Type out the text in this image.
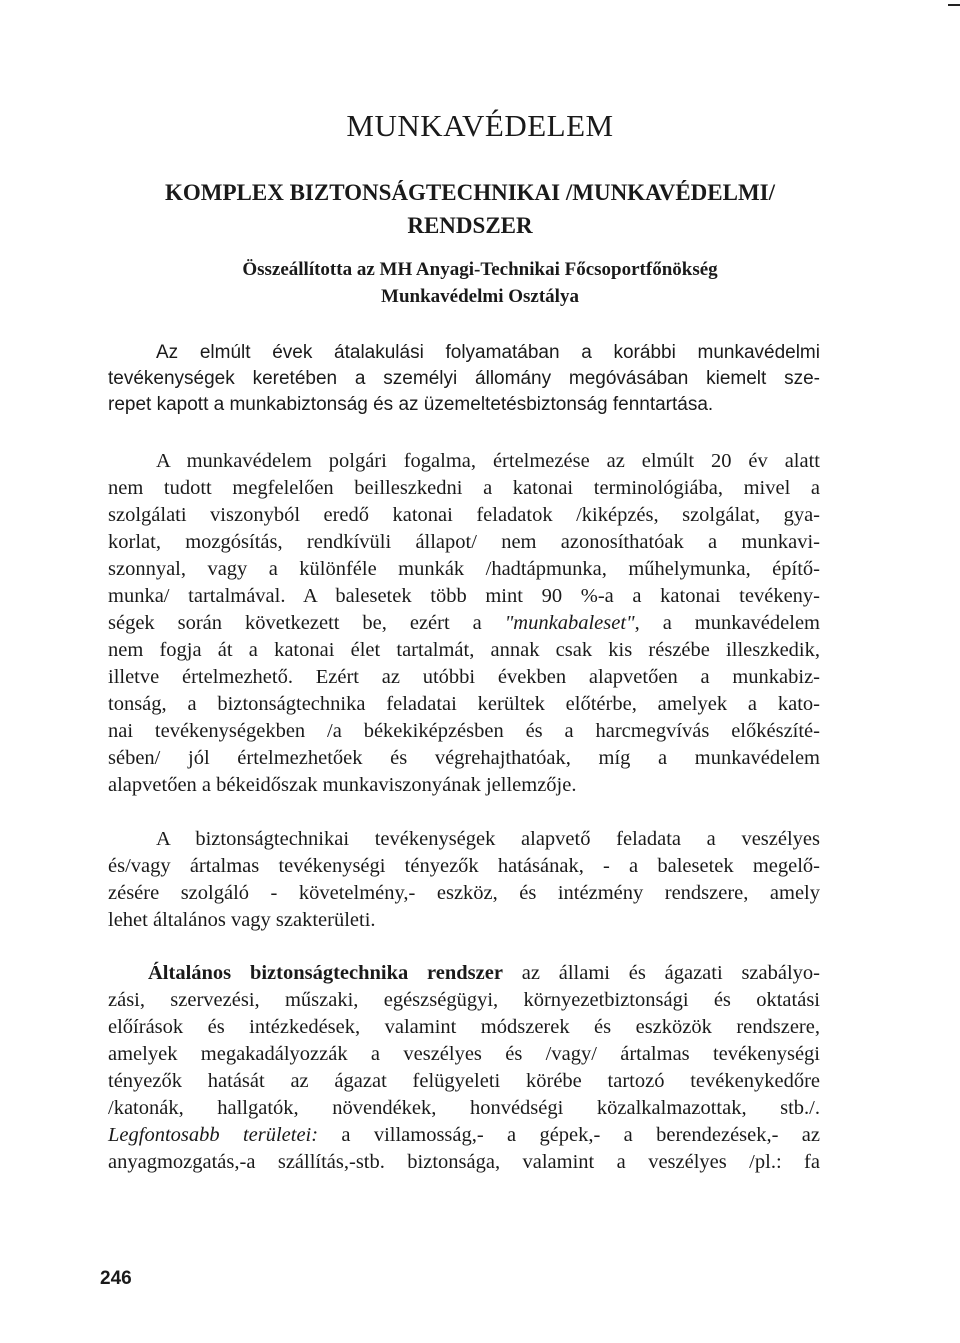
MUNKAVÉDELEM
KOMPLEX BIZTONSÁGTECHNIKAI /MUNKAVÉDELMI/
RENDSZER

Összeállította az MH Anyagi-Technikai Főcsoportfőnökség
Munkavédelmi Osztálya

Az elmúlt évek átalakulási folyamatában a korábbi munkavédelmi
tevékenységek keretében a személyi állomány megóvásában kiemelt sze-
repet kapott a munkabiztonság és az üzemeltetésbiztonság fenntartása.

A munkavédelem polgári fogalma, értelmezése az elmúlt 20 év alatt
nem tudott megfelelően beilleszkedni a katonai terminológiába, mivel a
szolgálati viszonyból eredő katonai feladatok /kiképzés, szolgálat, gya-
korlat, mozgósítás, rendkívüli állapot/ nem azonosíthatóak a munkavi-
szonnyal, vagy a különféle munkák /hadtápmunka, műhelymunka, építő-
munka/ tartalmával. A balesetek több mint 90 %-a a katonai tevékeny-
ségek során következett be, ezért a "munkabaleset", a munkavédelem
nem fogja át a katonai élet tartalmát, annak csak kis részébe illeszkedik,
illetve értelmezhető. Ezért az utóbbi években alapvetően a munkabiz-
tonság, a biztonságtechnika feladatai kerültek előtérbe, amelyek a kato-
nai tevékenységekben /a békekiképzésben és a harcmegvívás előkészíté-
sében/ jól értelmezhetőek és végrehajthatóak, míg a munkavédelem
alapvetően a békeidőszak munkaviszonyának jellemzője.

A biztonságtechnikai tevékenységek alapvető feladata a veszélyes
és/vagy ártalmas tevékenységi tényezők hatásának, - a balesetek megelő-
zésére szolgáló - követelmény,- eszköz, és intézmény rendszere, amely
lehet általános vagy szakterületi.

Általános biztonságtechnika rendszer az állami és ágazati szabályo-
zási, szervezési, műszaki, egészségügyi, környezetbiztonsági és oktatási
előírások és intézkedések, valamint módszerek és eszközök rendszere,
amelyek megakadályozzák a veszélyes és /vagy/ ártalmas tevékenységi
tényezők hatását az ágazat felügyeleti körébe tartozó tevékenykedőre
/katonák, hallgatók, növendékek, honvédségi közalkalmazottak, stb./.
Legfontosabb területei: a villamosság,- a gépek,- a berendezések,- az
anyagmozgatás,-a szállítás,-stb. biztonsága, valamint a veszélyes /pl.: fa

246
